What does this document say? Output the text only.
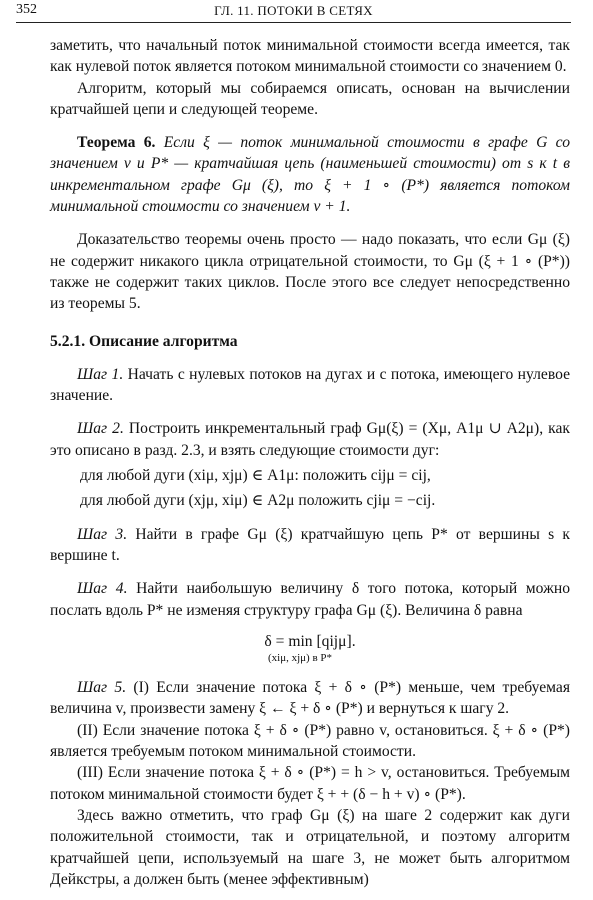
352	ГЛ. 11. ПОТОКИ В СЕТЯХ

заметить, что начальный поток минимальной стоимости всегда имеется, так как нулевой поток является потоком минимальной стоимости со значением 0.

Алгоритм, который мы собираемся описать, основан на вычислении кратчайшей цепи и следующей теореме.

Теорема 6. Если ξ — поток минимальной стоимости в графе G со значением v и P* — кратчайшая цепь (наименьшей стоимости) от s к t в инкрементальном графе Gμ (ξ), то ξ + 1 ∘ (P*) является потоком минимальной стоимости со значением v + 1.

Доказательство теоремы очень просто — надо показать, что если Gμ (ξ) не содержит никакого цикла отрицательной стоимости, то Gμ (ξ + 1 ∘ (P*)) также не содержит таких циклов. После этого все следует непосредственно из теоремы 5.

5.2.1. Описание алгоритма

Шаг 1. Начать с нулевых потоков на дугах и с потока, имеющего нулевое значение.

Шаг 2. Построить инкрементальный граф Gμ(ξ) = (Xμ, A1μ ∪ A2μ), как это описано в разд. 2.3, и взять следующие стоимости дуг:

для любой дуги (xiμ, xjμ) ∈ A1μ: положить cijμ = cij,

для любой дуги (xjμ, xiμ) ∈ A2μ положить cjiμ = −cij.

Шаг 3. Найти в графе Gμ (ξ) кратчайшую цепь P* от вершины s к вершине t.

Шаг 4. Найти наибольшую величину δ того потока, который можно послать вдоль P* не изменяя структуру графа Gμ (ξ). Величина δ равна

δ = min [qijμ].
(xiμ, xjμ) в P*

Шаг 5. (I) Если значение потока ξ + δ ∘ (P*) меньше, чем требуемая величина v, произвести замену ξ ← ξ + δ ∘ (P*) и вернуться к шагу 2.

(II) Если значение потока ξ + δ ∘ (P*) равно v, остановиться. ξ + δ ∘ (P*) является требуемым потоком минимальной стоимости.

(III) Если значение потока ξ + δ ∘ (P*) = h > v, остановиться. Требуемым потоком минимальной стоимости будет ξ + + (δ − h + v) ∘ (P*).

Здесь важно отметить, что граф Gμ (ξ) на шаге 2 содержит как дуги положительной стоимости, так и отрицательной, и поэтому алгоритм кратчайшей цепи, используемый на шаге 3, не может быть алгоритмом Дейкстры, а должен быть (менее эффективным)
